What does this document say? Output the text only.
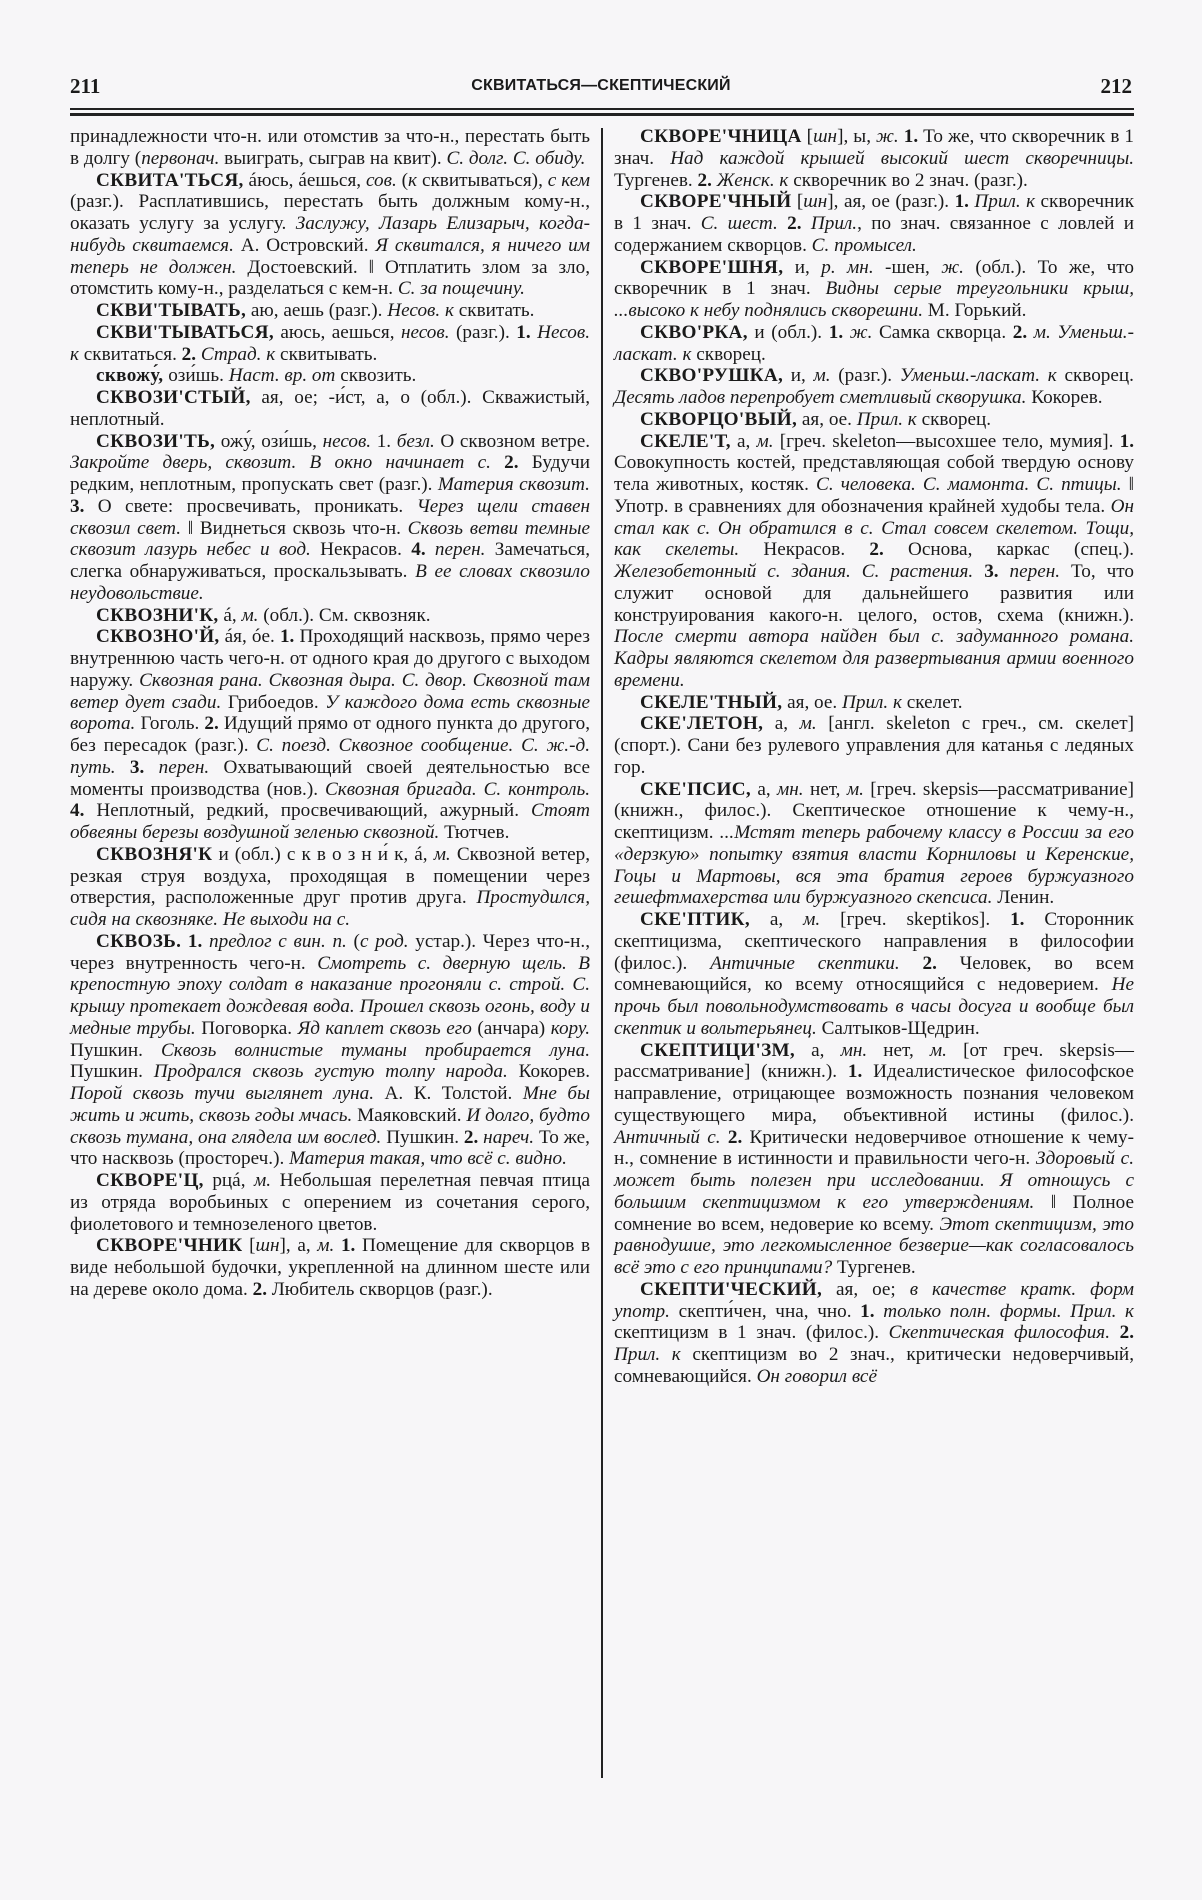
211	СКВИТАТЬСЯ—СКЕПТИЧЕСКИЙ	212

принадлежности что-н. или отомстив за что-н., перестать быть в долгу (первонач. выиграть, сыграв на квит). С. долг. С. обиду.

СКВИТА'ТЬСЯ, áюсь, áешься, сов. (к сквитываться), с кем (разг.). Расплатившись, перестать быть должным кому-н., оказать услугу за услугу. Заслужу, Лазарь Елизарыч, когда-нибудь сквитаемся. А. Островский. Я сквитался, я ничего им теперь не должен. Достоевский. ‖ Отплатить злом за зло, отомстить кому-н., разделаться с кем-н. С. за пощечину.

СКВИ'ТЫВАТЬ, аю, аешь (разг.). Несов. к сквитать.

СКВИ'ТЫВАТЬСЯ, аюсь, аешься, несов. (разг.). 1. Несов. к сквитаться. 2. Страд. к сквитывать.

сквожу́, ози́шь. Наст. вр. от сквозить.

СКВОЗИ'СТЫЙ, ая, ое; -и́ст, а, о (обл.). Скважистый, неплотный.

СКВОЗИ'ТЬ, ожу́, ози́шь, несов. 1. безл. О сквозном ветре. Закройте дверь, сквозит. В окно начинает с. 2. Будучи редким, неплотным, пропускать свет (разг.). Материя сквозит. 3. О свете: просвечивать, проникать. Через щели ставен сквозил свет. ‖ Виднеться сквозь что-н. Сквозь ветви темные сквозит лазурь небес и вод. Некрасов. 4. перен. Замечаться, слегка обнаруживаться, проскальзывать. В ее словах сквозило неудовольствие.

СКВОЗНИ'К, á, м. (обл.). См. сквозняк.

СКВОЗНО'Й, áя, óе. 1. Проходящий насквозь, прямо через внутреннюю часть чего-н. от одного края до другого с выходом наружу. Сквозная рана. Сквозная дыра. С. двор. Сквозной там ветер дует сзади. Грибоедов. У каждого дома есть сквозные ворота. Гоголь. 2. Идущий прямо от одного пункта до другого, без пересадок (разг.). С. поезд. Сквозное сообщение. С. ж.-д. путь. 3. перен. Охватывающий своей деятельностью все моменты производства (нов.). Сквозная бригада. С. контроль. 4. Неплотный, редкий, просвечивающий, ажурный. Стоят обвеяны березы воздушной зеленью сквозной. Тютчев.

СКВОЗНЯ'К и (обл.) с к в о з н и́ к, á, м. Сквозной ветер, резкая струя воздуха, проходящая в помещении через отверстия, расположенные друг против друга. Простудился, сидя на сквозняке. Не выходи на с.

СКВОЗЬ. 1. предлог с вин. п. (с род. устар.). Через что-н., через внутренность чего-н. Смотреть с. дверную щель. В крепостную эпоху солдат в наказание прогоняли с. строй. С. крышу протекает дождевая вода. Прошел сквозь огонь, воду и медные трубы. Поговорка. Яд каплет сквозь его (анчара) кору. Пушкин. Сквозь волнистые туманы пробирается луна. Пушкин. Продрался сквозь густую толпу народа. Кокорев. Порой сквозь тучи выглянет луна. А. К. Толстой. Мне бы жить и жить, сквозь годы мчась. Маяковский. И долго, будто сквозь тумана, она глядела им вослед. Пушкин. 2. нареч. То же, что насквозь (простореч.). Материя такая, что всё с. видно.

СКВОРЕ'Ц, рцá, м. Небольшая перелетная певчая птица из отряда воробьиных с оперением из сочетания серого, фиолетового и темнозеленого цветов.

СКВОРЕ'ЧНИК [шн], а, м. 1. Помещение для скворцов в виде небольшой будочки, укрепленной на длинном шесте или на дереве около дома. 2. Любитель скворцов (разг.).

СКВОРЕ'ЧНИЦА [шн], ы, ж. 1. То же, что скворечник в 1 знач. Над каждой крышей высокий шест скворечницы. Тургенев. 2. Женск. к скворечник во 2 знач. (разг.).

СКВОРЕ'ЧНЫЙ [шн], ая, ое (разг.). 1. Прил. к скворечник в 1 знач. С. шест. 2. Прил., по знач. связанное с ловлей и содержанием скворцов. С. промысел.

СКВОРЕ'ШНЯ, и, р. мн. -шен, ж. (обл.). То же, что скворечник в 1 знач. Видны серые треугольники крыш, ...высоко к небу поднялись скворешни. М. Горький.

СКВО'РКА, и (обл.). 1. ж. Самка скворца. 2. м. Уменьш.-ласкат. к скворец.

СКВО'РУШКА, и, м. (разг.). Уменьш.-ласкат. к скворец. Десять ладов перепробует сметливый скворушка. Кокорев.

СКВОРЦО'ВЫЙ, ая, ое. Прил. к скворец.

СКЕЛЕ'Т, а, м. [греч. skeleton—высохшее тело, мумия]. 1. Совокупность костей, представляющая собой твердую основу тела животных, костяк. С. человека. С. мамонта. С. птицы. ‖ Употр. в сравнениях для обозначения крайней худобы тела. Он стал как с. Он обратился в с. Стал совсем скелетом. Тощи, как скелеты. Некрасов. 2. Основа, каркас (спец.). Железобетонный с. здания. С. растения. 3. перен. То, что служит основой для дальнейшего развития или конструирования какого-н. целого, остов, схема (книжн.). После смерти автора найден был с. задуманного романа. Кадры являются скелетом для развертывания армии военного времени.

СКЕЛЕ'ТНЫЙ, ая, ое. Прил. к скелет.

СКЕ'ЛЕТОН, а, м. [англ. skeleton с греч., см. скелет] (спорт.). Сани без рулевого управления для катанья с ледяных гор.

СКЕ'ПСИС, а, мн. нет, м. [греч. skepsis—рассматривание] (книжн., филос.). Скептическое отношение к чему-н., скептицизм. ...Мстят теперь рабочему классу в России за его «дерзкую» попытку взятия власти Корниловы и Керенские, Гоцы и Мартовы, вся эта братия героев буржуазного гешефтмахерства или буржуазного скепсиса. Ленин.

СКЕ'ПТИК, а, м. [греч. skeptikos]. 1. Сторонник скептицизма, скептического направления в философии (филос.). Античные скептики. 2. Человек, во всем сомневающийся, ко всему относящийся с недоверием. Не прочь был повольнодумствовать в часы досуга и вообще был скептик и вольтерьянец. Салтыков-Щедрин.

СКЕПТИЦИ'ЗМ, а, мн. нет, м. [от греч. skepsis—рассматривание] (книжн.). 1. Идеалистическое философское направление, отрицающее возможность познания человеком существующего мира, объективной истины (филос.). Античный с. 2. Критически недоверчивое отношение к чему-н., сомнение в истинности и правильности чего-н. Здоровый с. может быть полезен при исследовании. Я отношусь с большим скептицизмом к его утверждениям. ‖ Полное сомнение во всем, недоверие ко всему. Этот скептицизм, это равнодушие, это легкомысленное безверие—как согласовалось всё это с его принципами? Тургенев.

СКЕПТИ'ЧЕСКИЙ, ая, ое; в качестве кратк. форм употр. скепти́чен, чна, чно. 1. только полн. формы. Прил. к скептицизм в 1 знач. (филос.). Скептическая философия. 2. Прил. к скептицизм во 2 знач., критически недоверчивый, сомневающийся. Он говорил всё
